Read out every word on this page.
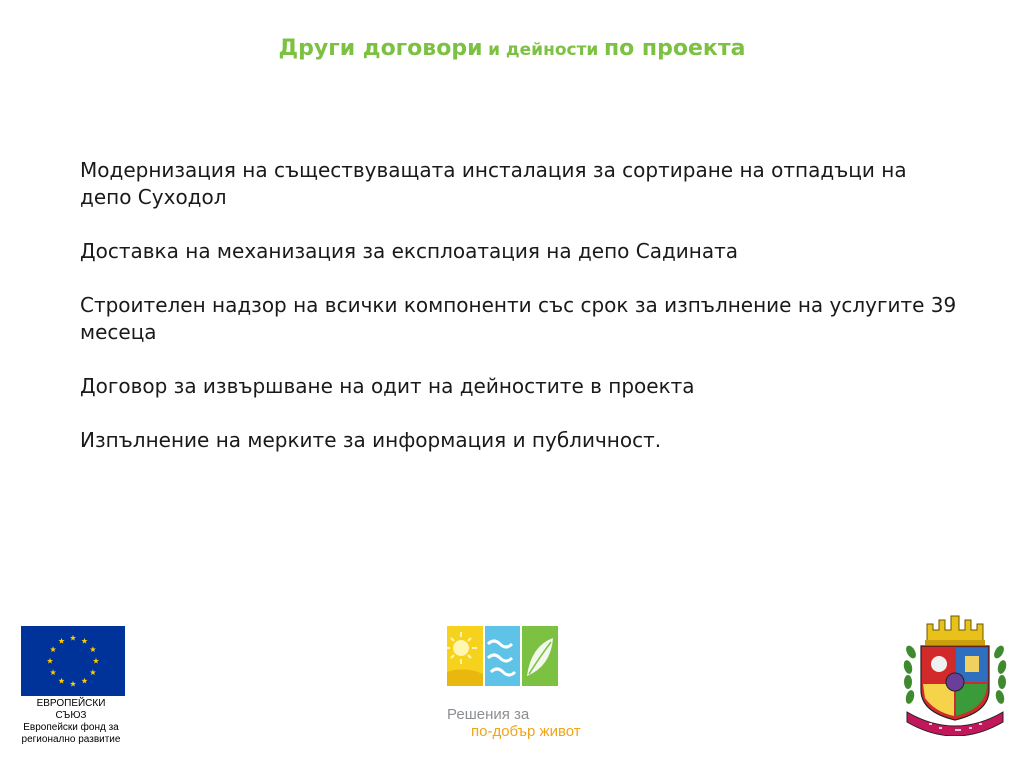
Други договори и дейности по проекта

Модернизация на съществуващата инсталация за сортиране на отпадъци на депо Суходол

Доставка на механизация за експлоатация на депо Садината

Строителен надзор на всички компоненти със срок за изпълнение на услугите 39 месеца

Договор за извършване на одит на дейностите в проекта

Изпълнение на мерките за информация и публичност.

ЕВРОПЕЙСКИ
СЪЮЗ
Европейски фонд за
регионално развитие
Решения за
по-добър живот
